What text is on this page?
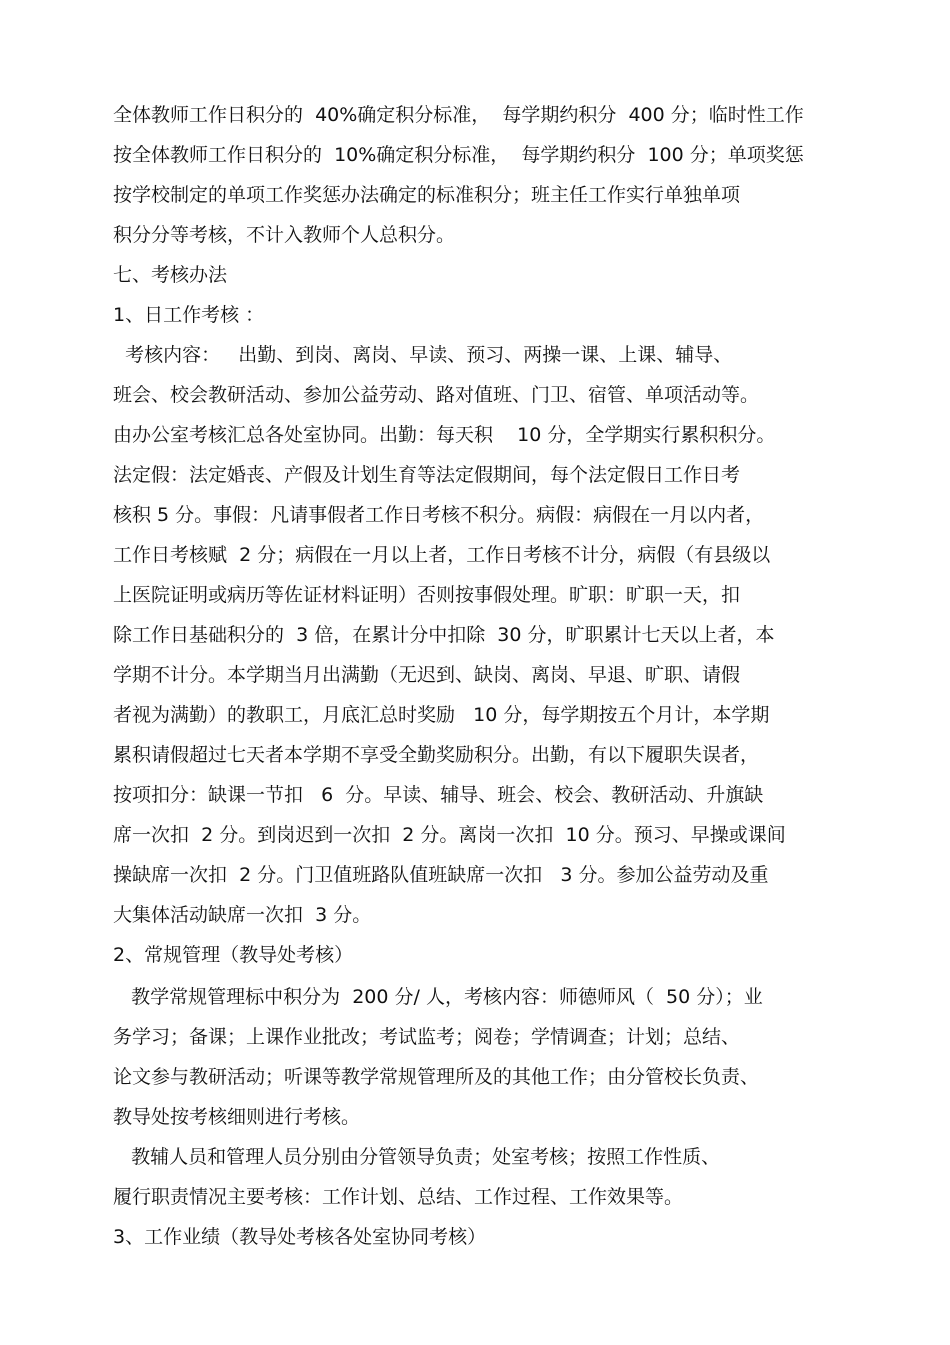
全体教师工作日积分的  40%确定积分标准，  每学期约积分  400 分；临时性工作
按全体教师工作日积分的  10%确定积分标准，  每学期约积分  100 分；单项奖惩
按学校制定的单项工作奖惩办法确定的标准积分；班主任工作实行单独单项
积分分等考核，不计入教师个人总积分。
七、考核办法
1、日工作考核 ：
考核内容：   出勤、到岗、离岗、早读、预习、两操一课、上课、辅导、
班会、校会教研活动、参加公益劳动、路对值班、门卫、宿管、单项活动等。
由办公室考核汇总各处室协同。出勤：每天积    10 分，全学期实行累积积分。
法定假：法定婚丧、产假及计划生育等法定假期间，每个法定假日工作日考
核积 5 分。事假：凡请事假者工作日考核不积分。病假：病假在一月以内者，
工作日考核赋  2 分；病假在一月以上者，工作日考核不计分，病假（有县级以
上医院证明或病历等佐证材料证明）否则按事假处理。旷职：旷职一天，扣
除工作日基础积分的  3 倍，在累计分中扣除  30 分，旷职累计七天以上者，本
学期不计分。本学期当月出满勤（无迟到、缺岗、离岗、早退、旷职、请假
者视为满勤）的教职工，月底汇总时奖励   10 分，每学期按五个月计，本学期
累积请假超过七天者本学期不享受全勤奖励积分。出勤，有以下履职失误者，
按项扣分：缺课一节扣   6  分。早读、辅导、班会、校会、教研活动、升旗缺
席一次扣  2 分。到岗迟到一次扣  2 分。离岗一次扣  10 分。预习、早操或课间
操缺席一次扣  2 分。门卫值班路队值班缺席一次扣   3 分。参加公益劳动及重
大集体活动缺席一次扣  3 分。
2、常规管理（教导处考核）
教学常规管理标中积分为  200 分/ 人，考核内容：师德师风（  50 分）；业
务学习；备课；上课作业批改；考试监考；阅卷；学情调查；计划；总结、
论文参与教研活动；听课等教学常规管理所及的其他工作；由分管校长负责、
教导处按考核细则进行考核。
教辅人员和管理人员分别由分管领导负责；处室考核；按照工作性质、
履行职责情况主要考核：工作计划、总结、工作过程、工作效果等。
3、工作业绩（教导处考核各处室协同考核）
